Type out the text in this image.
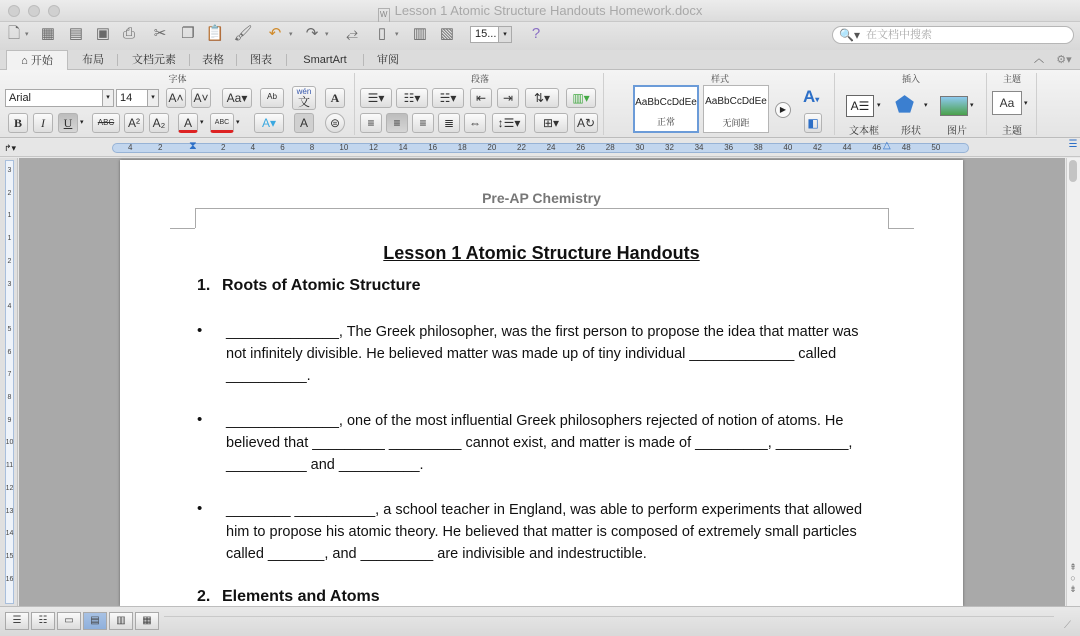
W Lesson 1 Atomic Structure Handouts Homework.docx
🗋 ▾ ▦ ▤ ▣ ⎙ ✂ ❐ 📋 🖌 ↶	▾ ↷ ▾ ⥄	▯	▾ ▥ ▧	15... ▾	?	🔍▾ 在文档中搜索
⌂ 开始	布局	文档元素	表格	图表	SmartArt	审阅	︿	⚙▾
字体	段落	样式	插入	主题
Arial	▾ 14	▾	A˄ A˅	Aa▾	ᴬᵇ	wén
文	A
B	I	U	▾	ABC	A²	A₂	A	▾	ABC ▾	A▾	A	⊜
☰▾	☷▾	☵▾	⇤	⇥	⇅▾	▥▾
≡	≡	≡	≣	⇔	↕☰▾	⊞▾	A↻
AaBbCcDdEe
正常
AaBbCcDdEe
无间距
▶
A▾
◧
A☰	▾
文本框
⬟ ▾
形状
▾
图片
Aa	▾
主题
↱▾	4	2 ⧗	2	4	6	8	10	12	14	16	18	20	22	24	26	28	30	32	34	36	38	40	42	44	46	48	50
△	☰
3
2
1
1
2
3
4
5
6
7
8
9
10
11
12
13
14
15
16
Pre-AP Chemistry
Lesson 1 Atomic Structure Handouts
1. Roots of Atomic Structure
• ______________, The Greek philosopher, was the first person to propose the idea that matter was
not infinitely divisible. He believed matter was made up of tiny individual _____________ called
__________.
• ______________, one of the most influential Greek philosophers rejected of notion of atoms. He
believed that _________ _________ cannot exist, and matter is made of _________, _________,
__________ and __________.
• ________ __________, a school teacher in England, was able to perform experiments that allowed
him to propose his atomic theory. He believed that matter is composed of extremely small particles
called _______, and _________ are indivisible and indestructible.
2. Elements and Atoms
⇞
○
⇟
☰	☷	▭	▤	▥	▦	⟋
